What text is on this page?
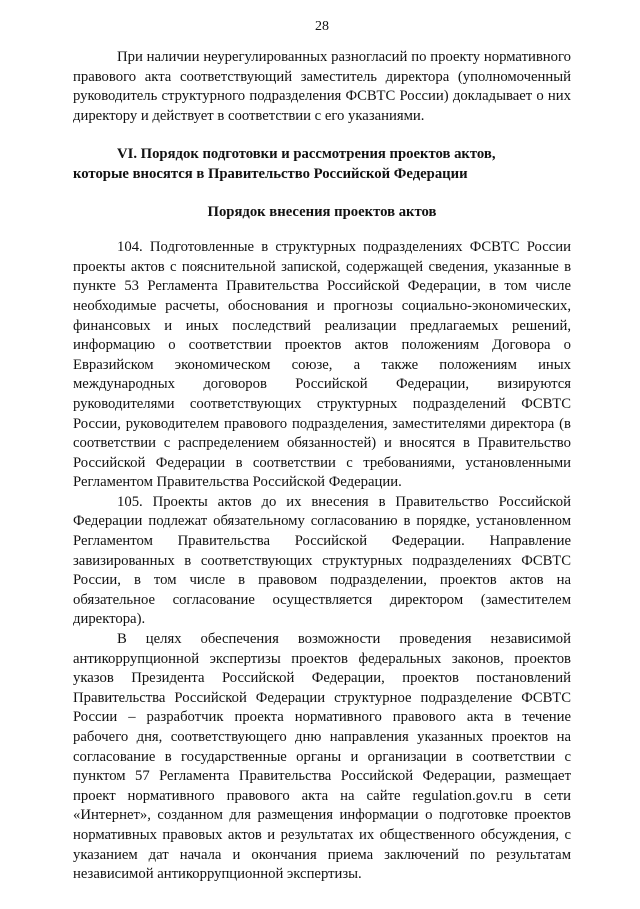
28

При наличии неурегулированных разногласий по проекту нормативного правового акта соответствующий заместитель директора (уполномоченный руководитель структурного подразделения ФСВТС России) докладывает о них директору и действует в соответствии с его указаниями.

VI. Порядок подготовки и рассмотрения проектов актов,

которые вносятся в Правительство Российской Федерации

Порядок внесения проектов актов

104. Подготовленные в структурных подразделениях ФСВТС России проекты актов с пояснительной запиской, содержащей сведения, указанные в пункте 53 Регламента Правительства Российской Федерации, в том числе необходимые расчеты, обоснования и прогнозы социально-экономических, финансовых и иных последствий реализации предлагаемых решений, информацию о соответствии проектов актов положениям Договора о Евразийском экономическом союзе, а также положениям иных международных договоров Российской Федерации, визируются руководителями соответствующих структурных подразделений ФСВТС России, руководителем правового подразделения, заместителями директора (в соответствии с распределением обязанностей) и вносятся в Правительство Российской Федерации в соответствии с требованиями, установленными Регламентом Правительства Российской Федерации.

105. Проекты актов до их внесения в Правительство Российской Федерации подлежат обязательному согласованию в порядке, установленном Регламентом Правительства Российской Федерации. Направление завизированных в соответствующих структурных подразделениях ФСВТС России, в том числе в правовом подразделении, проектов актов на обязательное согласование осуществляется директором (заместителем директора).

В целях обеспечения возможности проведения независимой антикоррупционной экспертизы проектов федеральных законов, проектов указов Президента Российской Федерации, проектов постановлений Правительства Российской Федерации структурное подразделение ФСВТС России – разработчик проекта нормативного правового акта в течение рабочего дня, соответствующего дню направления указанных проектов на согласование в государственные органы и организации в соответствии с пунктом 57 Регламента Правительства Российской Федерации, размещает проект нормативного правового акта на сайте regulation.gov.ru в сети «Интернет», созданном для размещения информации о подготовке проектов нормативных правовых актов и результатах их общественного обсуждения, с указанием дат начала и окончания приема заключений по результатам независимой антикоррупционной экспертизы.
